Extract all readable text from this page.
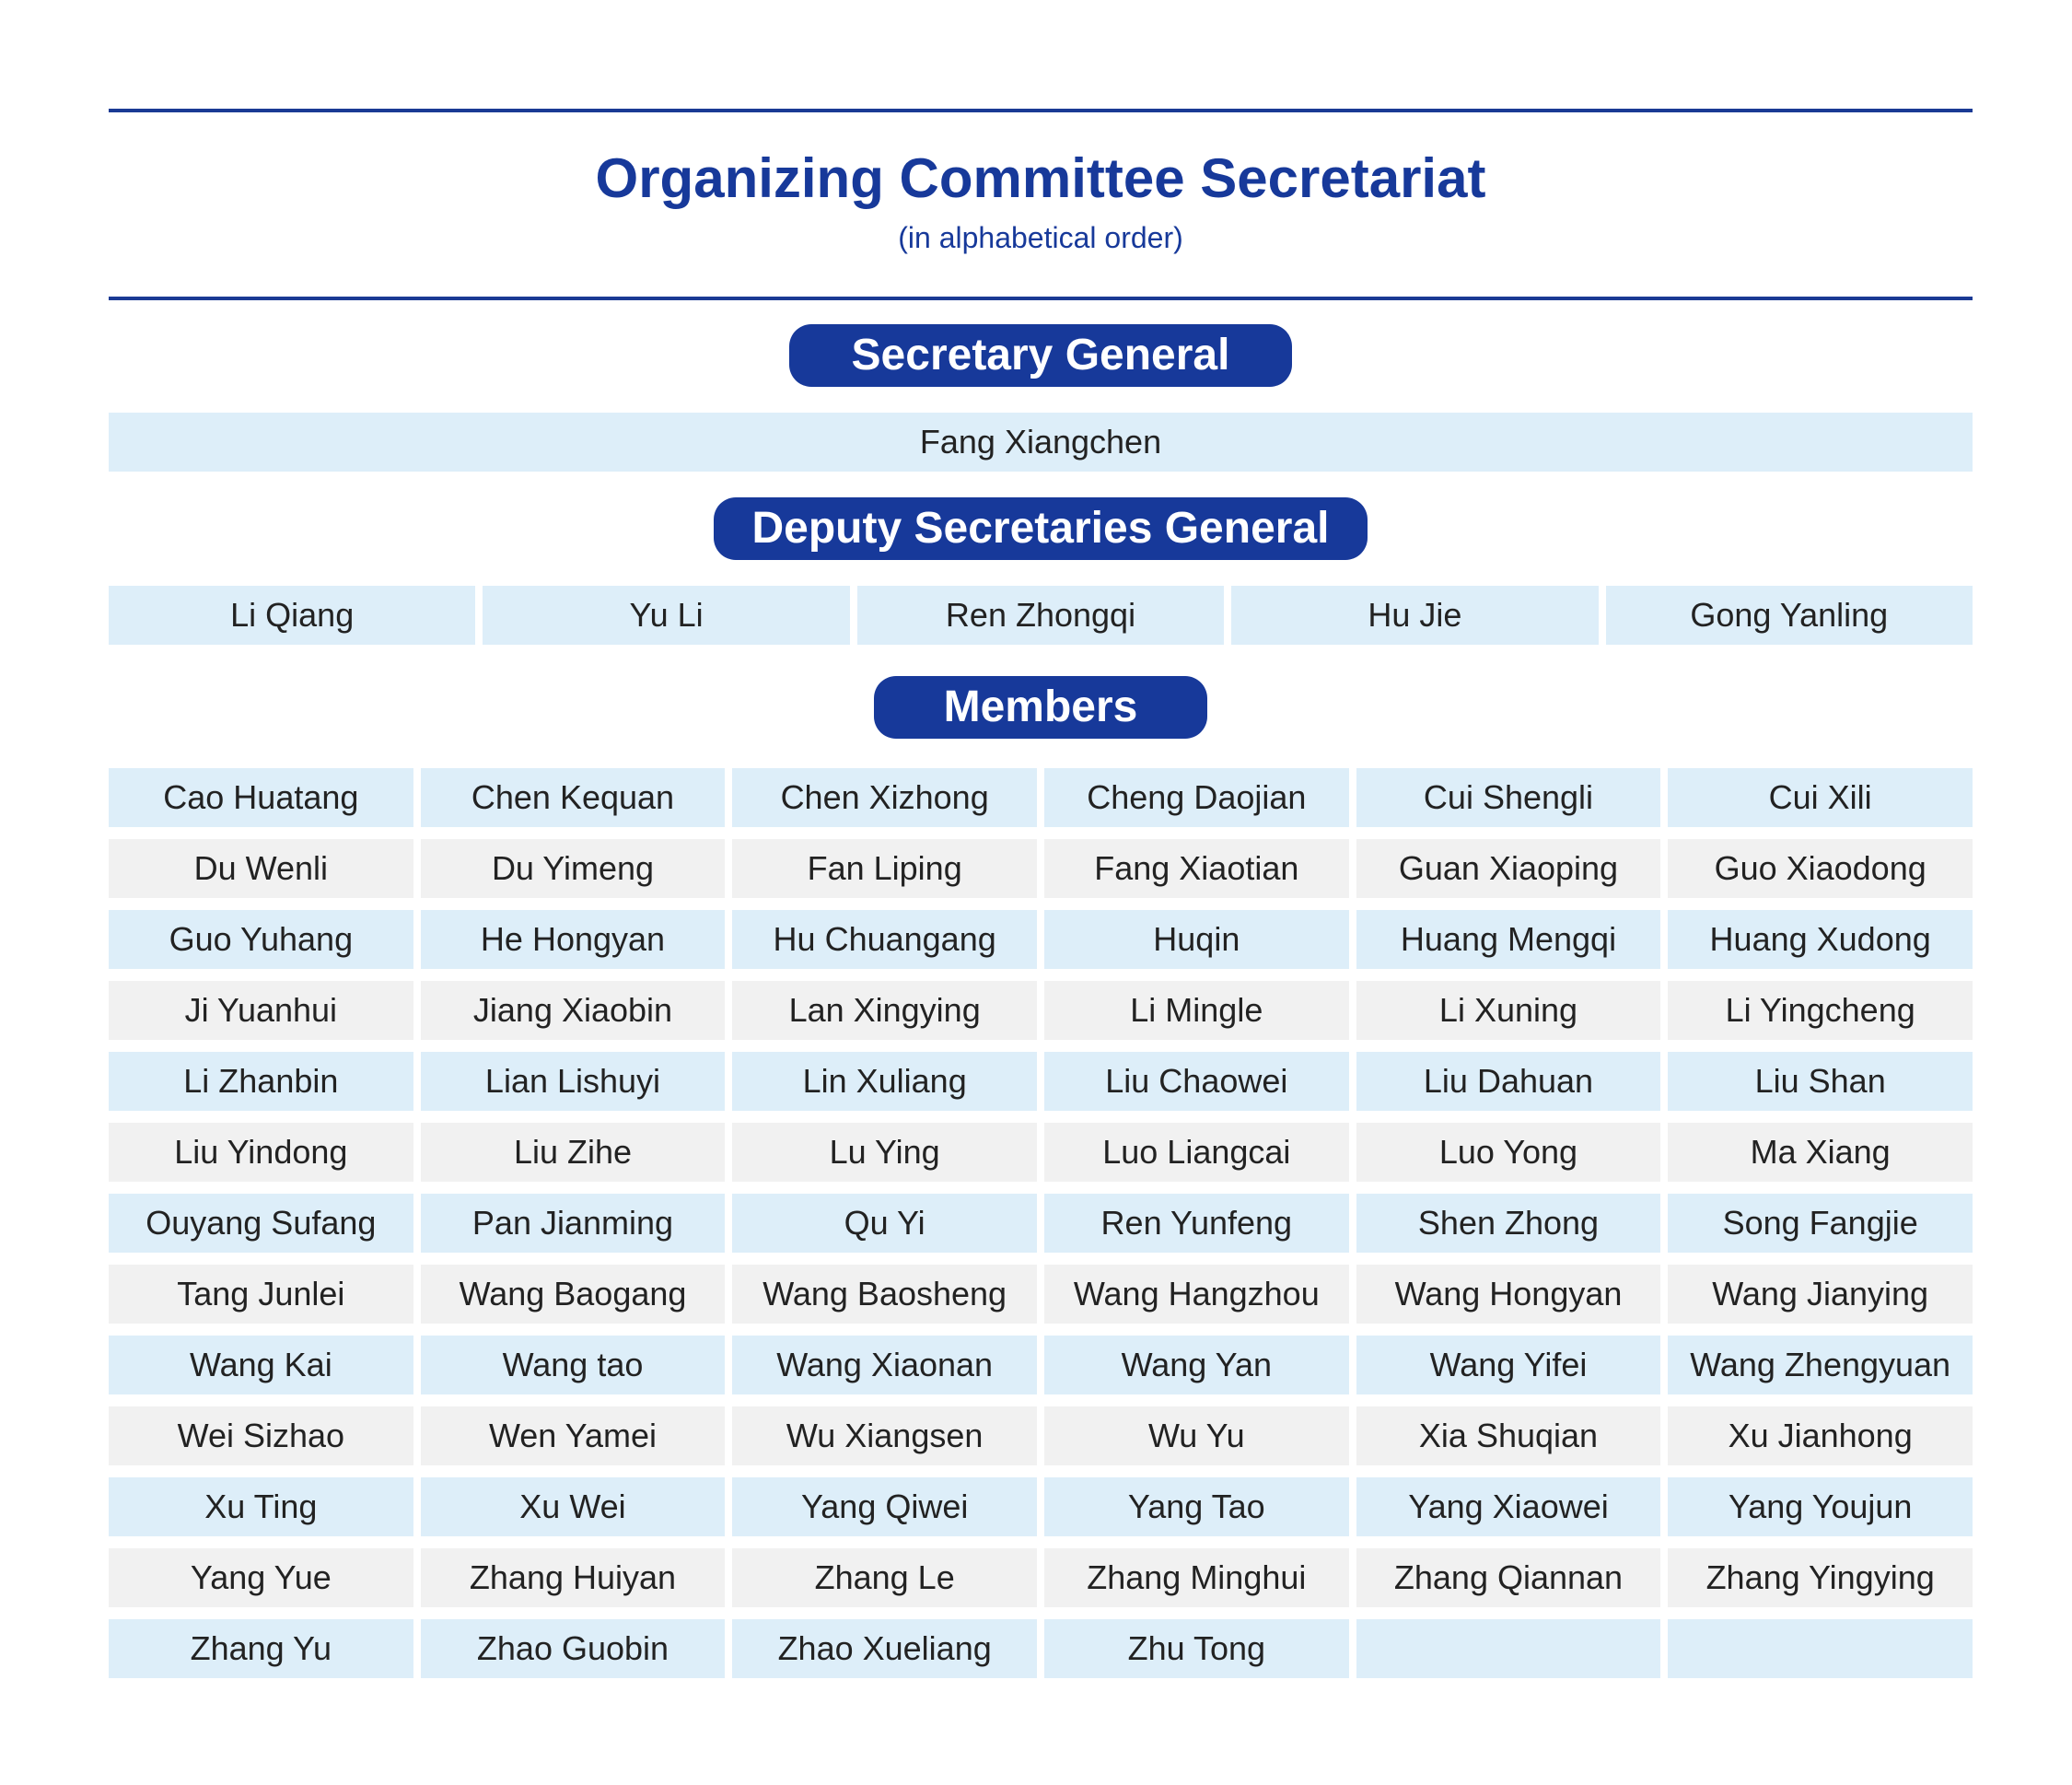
Organizing Committee Secretariat
(in alphabetical order)
Secretary General
Fang Xiangchen
Deputy Secretaries General
Li Qiang	Yu Li	Ren Zhongqi	Hu Jie	Gong Yanling
Members
Cao Huatang	Chen Kequan	Chen Xizhong	Cheng Daojian	Cui Shengli	Cui Xili
Du Wenli	Du Yimeng	Fan Liping	Fang Xiaotian	Guan Xiaoping	Guo Xiaodong
Guo Yuhang	He Hongyan	Hu Chuangang	Huqin	Huang Mengqi	Huang Xudong
Ji Yuanhui	Jiang Xiaobin	Lan Xingying	Li Mingle	Li Xuning	Li Yingcheng
Li Zhanbin	Lian Lishuyi	Lin Xuliang	Liu Chaowei	Liu Dahuan	Liu Shan
Liu Yindong	Liu Zihe	Lu Ying	Luo Liangcai	Luo Yong	Ma Xiang
Ouyang Sufang	Pan Jianming	Qu Yi	Ren Yunfeng	Shen Zhong	Song Fangjie
Tang Junlei	Wang Baogang	Wang Baosheng	Wang Hangzhou	Wang Hongyan	Wang Jianying
Wang Kai	Wang tao	Wang Xiaonan	Wang Yan	Wang Yifei	Wang Zhengyuan
Wei Sizhao	Wen Yamei	Wu Xiangsen	Wu Yu	Xia Shuqian	Xu Jianhong
Xu Ting	Xu Wei	Yang Qiwei	Yang Tao	Yang Xiaowei	Yang Youjun
Yang Yue	Zhang Huiyan	Zhang Le	Zhang Minghui	Zhang Qiannan	Zhang Yingying
Zhang Yu	Zhao Guobin	Zhao Xueliang	Zhu Tong
